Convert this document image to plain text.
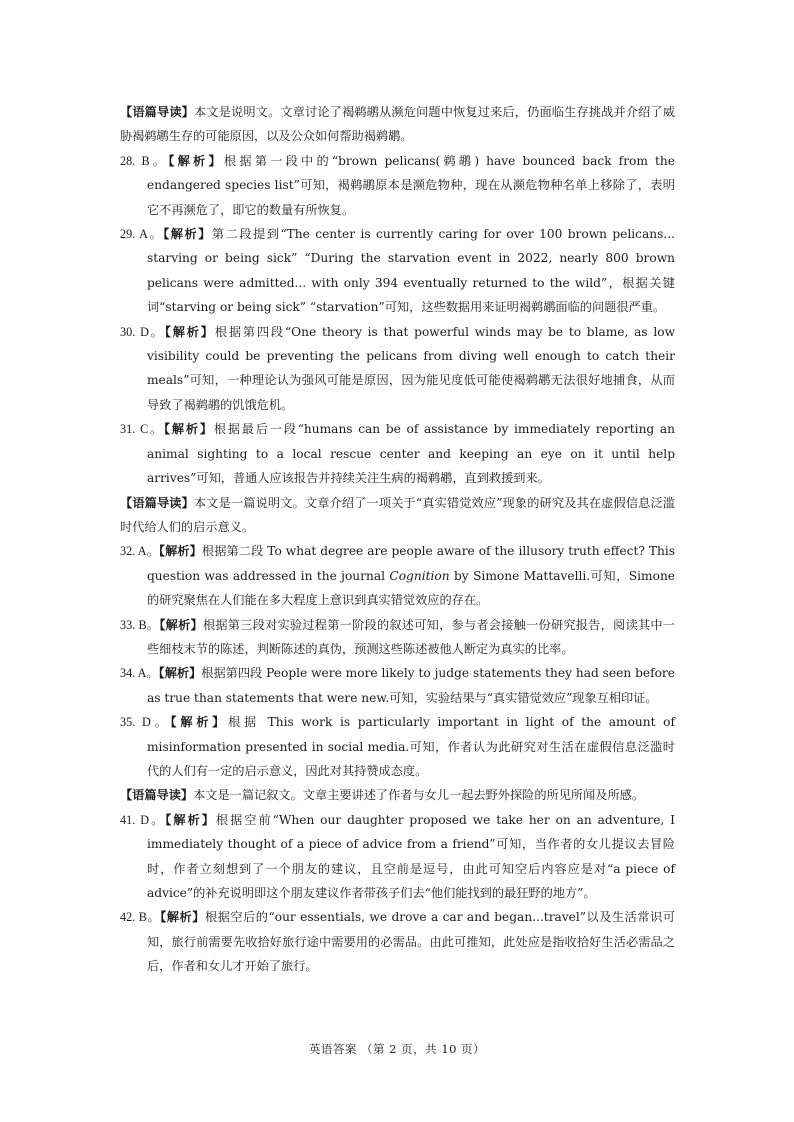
【语篇导读】本文是说明文。文章讨论了褐鹈鹕从濒危问题中恢复过来后，仍面临生存挑战并介绍了威胁褐鹈鹕生存的可能原因，以及公众如何帮助褐鹈鹕。

28. B。【解析】根据第一段中的“brown pelicans(鹈鹕) have bounced back from the endangered species list”可知，褐鹈鹕原本是濒危物种，现在从濒危物种名单上移除了，表明它不再濒危了，即它的数量有所恢复。

29. A。【解析】第二段提到“The center is currently caring for over 100 brown pelicans... starving or being sick” “During the starvation event in 2022, nearly 800 brown pelicans were admitted... with only 394 eventually returned to the wild”，根据关键词“starving or being sick” “starvation”可知，这些数据用来证明褐鹈鹕面临的问题很严重。

30. D。【解析】根据第四段“One theory is that powerful winds may be to blame, as low visibility could be preventing the pelicans from diving well enough to catch their meals”可知，一种理论认为强风可能是原因，因为能见度低可能使褐鹈鹕无法很好地捕食，从而导致了褐鹈鹕的饥饿危机。

31. C。【解析】根据最后一段“humans can be of assistance by immediately reporting an animal sighting to a local rescue center and keeping an eye on it until help arrives”可知，普通人应该报告并持续关注生病的褐鹈鹕，直到救援到来。

【语篇导读】本文是一篇说明文。文章介绍了一项关于“真实错觉效应”现象的研究及其在虚假信息泛滥时代给人们的启示意义。

32. A。【解析】根据第二段 To what degree are people aware of the illusory truth effect? This question was addressed in the journal Cognition by Simone Mattavelli.可知，Simone 的研究聚焦在人们能在多大程度上意识到真实错觉效应的存在。

33. B。【解析】根据第三段对实验过程第一阶段的叙述可知，参与者会接触一份研究报告，阅读其中一些细枝末节的陈述，判断陈述的真伪，预测这些陈述被他人断定为真实的比率。

34. A。【解析】根据第四段 People were more likely to judge statements they had seen before as true than statements that were new.可知，实验结果与“真实错觉效应”现象互相印证。

35. D。【解析】根据 This work is particularly important in light of the amount of misinformation presented in social media.可知，作者认为此研究对生活在虚假信息泛滥时代的人们有一定的启示意义，因此对其持赞成态度。

【语篇导读】本文是一篇记叙文。文章主要讲述了作者与女儿一起去野外探险的所见所闻及所感。

41. D。【解析】根据空前“When our daughter proposed we take her on an adventure, I immediately thought of a piece of advice from a friend”可知，当作者的女儿提议去冒险时，作者立刻想到了一个朋友的建议，且空前是逗号，由此可知空后内容应是对“a piece of advice”的补充说明即这个朋友建议作者带孩子们去“他们能找到的最狂野的地方”。

42. B。【解析】根据空后的“our essentials, we drove a car and began...travel”以及生活常识可知，旅行前需要先收拾好旅行途中需要用的必需品。由此可推知，此处应是指收拾好生活必需品之后，作者和女儿才开始了旅行。

英语答案 （第 2 页，共 10 页）
